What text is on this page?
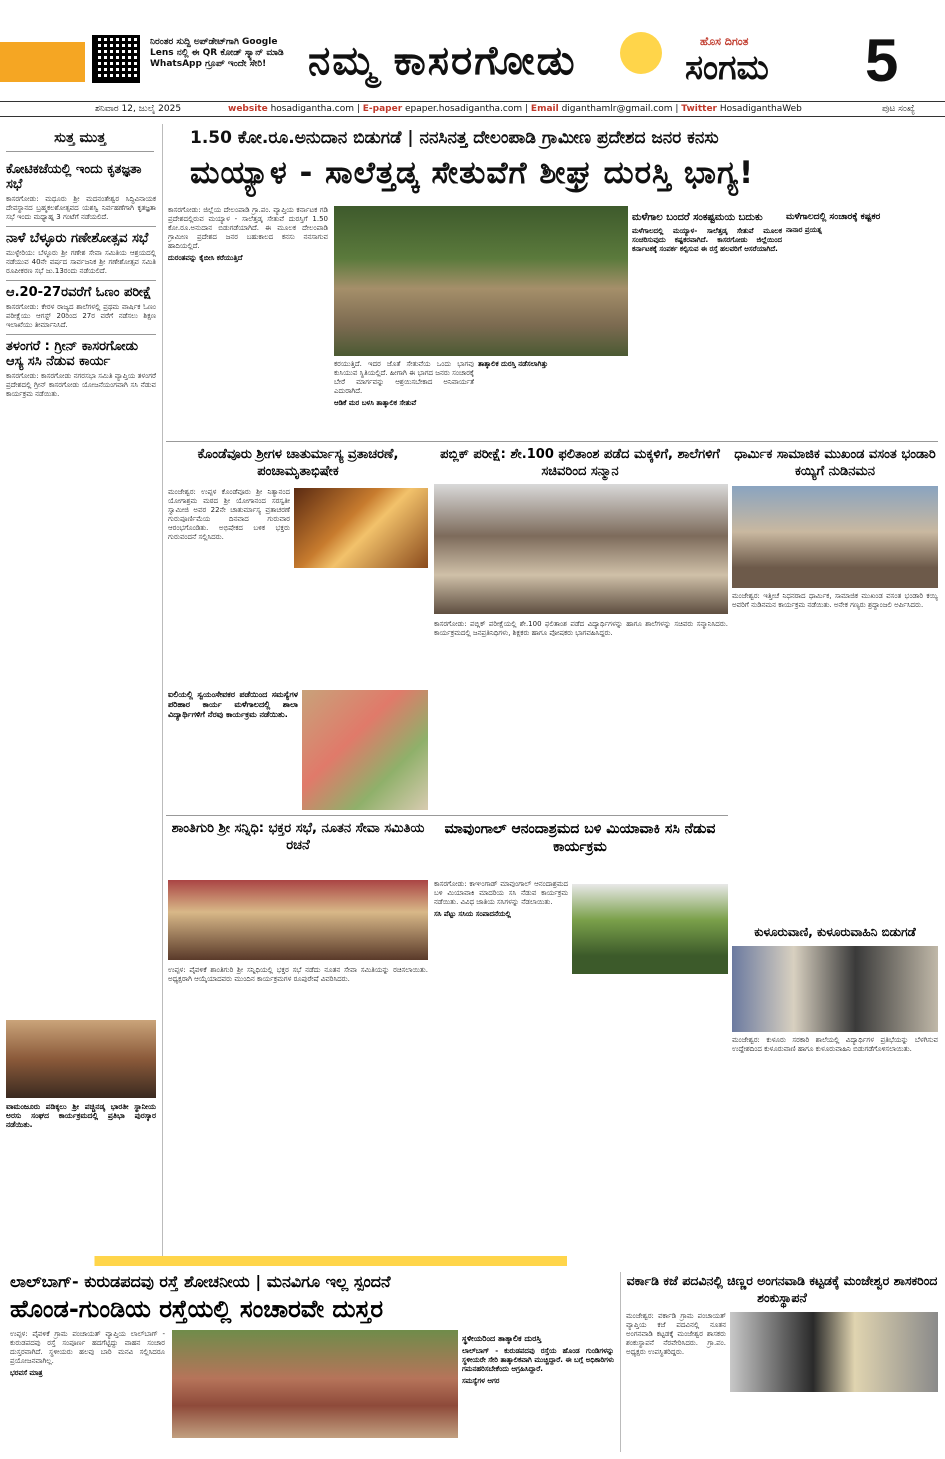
ನಿರಂತರ ಸುದ್ದಿ ಅಪ್‌ಡೇಟ್‌ಗಾಗಿ Google Lens ನಲ್ಲಿ ಈ QR ಕೋಡ್ ಸ್ಕ್ಯಾನ್ ಮಾಡಿ WhatsApp ಗ್ರೂಪ್ ಇಂದೇ ಸೇರಿ!	ನಮ್ಮ ಕಾಸರಗೋಡು	ಹೊಸ ದಿಗಂತ
ಸಂಗಮ 5
ಶನಿವಾರ 12, ಜುಲೈ 2025	website hosadigantha.com | E-paper epaper.hosadigantha.com | Email diganthamlr@gmail.com | Twitter HosadiganthaWeb	ಪುಟ ಸಂಖ್ಯೆ
ಸುತ್ತ ಮುತ್ತ
ಕೋಟಿಕಜೆಯಲ್ಲಿ ಇಂದು ಕೃತಜ್ಞತಾ ಸಭೆ

ಕಾಸರಗೋಡು: ಮಧೂರು ಶ್ರೀ ಮದನಂತೇಶ್ವರ ಸಿದ್ಧಿವಿನಾಯಕ ದೇವಸ್ಥಾನದ ಬ್ರಹ್ಮಕಲಶೋತ್ಸವದ ಯಶಸ್ವಿ ನಿರ್ವಹಣೆಗಾಗಿ ಕೃತಜ್ಞತಾ ಸಭೆ ಇಂದು ಮಧ್ಯಾಹ್ನ 3 ಗಂಟೆಗೆ ನಡೆಯಲಿದೆ.

ನಾಳೆ ಬೆಳ್ಳೂರು ಗಣೇಶೋತ್ಸವ ಸಭೆ

ಮುಳ್ಳೇರಿಯ: ಬೆಳ್ಳೂರು ಶ್ರೀ ಗಣೇಶ ಸೇವಾ ಸಮಿತಿಯ ಆಶ್ರಯದಲ್ಲಿ ನಡೆಯುವ 40ನೇ ವರ್ಷದ ಸಾರ್ವಜನಿಕ ಶ್ರೀ ಗಣೇಶೋತ್ಸವ ಸಮಿತಿ ರೂಪೀಕರಣ ಸಭೆ ಜು.13ರಂದು ನಡೆಯಲಿದೆ.

ಆ.20-27ರವರೆಗೆ ಓಣಂ ಪರೀಕ್ಷೆ

ಕಾಸರಗೋಡು: ಕೇರಳ ರಾಜ್ಯದ ಶಾಲೆಗಳಲ್ಲಿ ಪ್ರಥಮ ವಾರ್ಷಿಕ ಓಣಂ ಪರೀಕ್ಷೆಯು ಆಗಸ್ಟ್ 20ರಿಂದ 27ರ ವರೆಗೆ ನಡೆಸಲು ಶಿಕ್ಷಣ ಇಲಾಖೆಯು ತೀರ್ಮಾನಿಸಿದೆ.

ತಳಂಗರೆ : ಗ್ರೀನ್ ಕಾಸರಗೋಡು ಆಸ್ಯ ಸಸಿ ನೆಡುವ ಕಾರ್ಯ

ಕಾಸರಗೋಡು: ಕಾಸರಗೋಡು ನಗರಸಭಾ ಸಮಿತಿ ವ್ಯಾಪ್ತಿಯ ತಳಂಗರೆ ಪ್ರದೇಶದಲ್ಲಿ ಗ್ರೀನ್ ಕಾಸರಗೋಡು ಯೋಜನೆಯಂಗವಾಗಿ ಸಸಿ ನೆಡುವ ಕಾರ್ಯಕ್ರಮ ನಡೆಯಿತು.

ವಾಮಂಜೂರು ಪಡಿಕ್ಕಲು ಶ್ರೀ ಪಚ್ಚಿನಡ್ಕ ಭಾರತೀ ಸ್ಥಾನೀಯ ಅರಸು ಸಂಘದ ಕಾರ್ಯಕ್ರಮದಲ್ಲಿ ಪ್ರತಿಭಾ ಪುರಸ್ಕಾರ ನಡೆಯಿತು.
1.50 ಕೋ.ರೂ.ಅನುದಾನ ಬಿಡುಗಡೆ | ನನಸಿನತ್ತ ದೇಲಂಪಾಡಿ ಗ್ರಾಮೀಣ ಪ್ರದೇಶದ ಜನರ ಕನಸು
ಮಯ್ಯಾಳ - ಸಾಲೆತ್ತಡ್ಕ ಸೇತುವೆಗೆ ಶೀಘ್ರ ದುರಸ್ತಿ ಭಾಗ್ಯ!

ಕಾಸರಗೋಡು: ಜಿಲ್ಲೆಯ ದೇಲಂಪಾಡಿ ಗ್ರಾ.ಪಂ. ವ್ಯಾಪ್ತಿಯ ಕರ್ನಾಟಕ ಗಡಿ ಪ್ರದೇಶದಲ್ಲಿರುವ ಮಯ್ಯಾಳ - ಸಾಲೆತ್ತಡ್ಕ ಸೇತುವೆ ದುರಸ್ತಿಗೆ 1.50 ಕೋ.ರೂ.ಅನುದಾನ ಬಿಡುಗಡೆಯಾಗಿದೆ. ಈ ಮೂಲಕ ದೇಲಂಪಾಡಿ ಗ್ರಾಮೀಣ ಪ್ರದೇಶದ ಜನರ ಬಹುಕಾಲದ ಕನಸು ನನಸಾಗುವ ಹಾದಿಯಲ್ಲಿದೆ.

ದುರಂತವನ್ನು ಕೈಬೀಸಿ ಕರೆಯುತ್ತಿದೆ

ಕರಯುತ್ತಿದೆ. ಇದರ ಜೊತೆ ಸೇತುವೆಯ ಒಂದು ಭಾಗವು ಕುಸಿಯುವ ಸ್ಥಿತಿಯಲ್ಲಿದೆ. ಹೀಗಾಗಿ ಈ ಭಾಗದ ಜನರು ಸಂಚಾರಕ್ಕೆ ಬೇರೆ ಮಾರ್ಗವನ್ನು ಆಶ್ರಯಿಸಬೇಕಾದ ಅನಿವಾರ್ಯತೆ ಎದುರಾಗಿದೆ.

ಆಡಿಕೆ ಮರ ಬಳಸಿ ತಾತ್ಕಾಲಿಕ ಸೇತುವೆ

ತಾತ್ಕಾಲಿಕ ದುರಸ್ತಿ ನಡೆಸಲಾಗಿತ್ತು

ಮಳೆಗಾಲ ಬಂದರೆ ಸಂಕಷ್ಟಮಯ ಬದುಕು

ಮಳೆಗಾಲದಲ್ಲಿ ಮಯ್ಯಾಳ- ಸಾಲೆತ್ತಡ್ಕ ಸೇತುವೆ ಮೂಲಕ ಸಂಚರಿಸುವುದು ಕಷ್ಟಕರವಾಗಿದೆ. ಕಾಸರಗೋಡು ಜಿಲ್ಲೆಯಿಂದ ಕರ್ನಾಟಕಕ್ಕೆ ಸಂಪರ್ಕ ಕಲ್ಪಿಸುವ ಈ ರಸ್ತೆ ಹಲವರಿಗೆ ಆಸರೆಯಾಗಿದೆ.

ಮಳೆಗಾಲದಲ್ಲಿ ಸಂಚಾರಕ್ಕೆ ಕಷ್ಟಕರ

ನಾನಾರ ಪ್ರಯತ್ನ

ಕೊಂಡೆವೂರು ಶ್ರೀಗಳ ಚಾತುರ್ಮಾಸ್ಯ ವ್ರತಾಚರಣೆ, ಪಂಚಾಮೃತಾಭಿಷೇಕ
ಮಂಜೇಶ್ವರ: ಉಪ್ಪಳ ಕೊಂಡೆವೂರು ಶ್ರೀ ನಿತ್ಯಾನಂದ ಯೋಗಾಶ್ರಮ ಮಠದ ಶ್ರೀ ಯೋಗಾನಂದ ಸರಸ್ವತೀ ಸ್ವಾಮೀಜಿ ಅವರ 22ನೇ ಚಾತುರ್ಮಾಸ್ಯ ವ್ರತಾಚರಣೆ ಗುರುಪೂರ್ಣಿಮೆಯ ದಿನವಾದ ಗುರುವಾರ ಆರಂಭಗೊಂಡಿತು. ಅಭಿಷೇಕದ ಬಳಿಕ ಭಕ್ತರು ಗುರುವಂದನೆ ಸಲ್ಲಿಸಿದರು.
ಪಬ್ಲಿಕ್ ಪರೀಕ್ಷೆ: ಶೇ.100 ಫಲಿತಾಂಶ ಪಡೆದ ಮಕ್ಕಳಿಗೆ, ಶಾಲೆಗಳಿಗೆ ಸಚಿವರಿಂದ ಸನ್ಮಾನ
ಕಾಸರಗೋಡು: ಪಬ್ಲಿಕ್ ಪರೀಕ್ಷೆಯಲ್ಲಿ ಶೇ.100 ಫಲಿತಾಂಶ ಪಡೆದ ವಿದ್ಯಾರ್ಥಿಗಳನ್ನು ಹಾಗೂ ಶಾಲೆಗಳನ್ನು ಸಚಿವರು ಸನ್ಮಾನಿಸಿದರು. ಕಾರ್ಯಕ್ರಮದಲ್ಲಿ ಜನಪ್ರತಿನಿಧಿಗಳು, ಶಿಕ್ಷಕರು ಹಾಗೂ ಪೋಷಕರು ಭಾಗವಹಿಸಿದ್ದರು.
ಧಾರ್ಮಿಕ ಸಾಮಾಜಿಕ ಮುಖಂಡ ವಸಂತ ಭಂಡಾರಿ ಕಯ್ಯಿಗೆ ನುಡಿನಮನ
ಮಂಜೇಶ್ವರ: ಇತ್ತೀಚೆ ನಿಧನರಾದ ಧಾರ್ಮಿಕ, ಸಾಮಾಜಿಕ ಮುಖಂಡ ವಸಂತ ಭಂಡಾರಿ ಕಯ್ಯಿ ಅವರಿಗೆ ನುಡಿನಮನ ಕಾರ್ಯಕ್ರಮ ನಡೆಯಿತು. ಅನೇಕ ಗಣ್ಯರು ಶ್ರದ್ಧಾಂಜಲಿ ಅರ್ಪಿಸಿದರು.
ಐಲಿಯಲ್ಲಿ ಸ್ವಯಂಸೇವಕರ ಪಡೆಯಿಂದ ಸಮಸ್ಯೆಗಳ ಪರಿಹಾರ ಕಾರ್ಯ ಮಳೆಗಾಲದಲ್ಲಿ ಶಾಲಾ ವಿದ್ಯಾರ್ಥಿಗಳಿಗೆ ನೆರವು ಕಾರ್ಯಕ್ರಮ ನಡೆಯಿತು.
ಶಾಂತಿಗುರಿ ಶ್ರೀ ಸನ್ನಿಧಿ: ಭಕ್ತರ ಸಭೆ, ನೂತನ ಸೇವಾ ಸಮಿತಿಯ ರಚನೆ
ಉಪ್ಪಳ: ಪೈವಳಿಕೆ ಶಾಂತಿಗುರಿ ಶ್ರೀ ಸನ್ನಿಧಿಯಲ್ಲಿ ಭಕ್ತರ ಸಭೆ ನಡೆದು ನೂತನ ಸೇವಾ ಸಮಿತಿಯನ್ನು ರಚಿಸಲಾಯಿತು. ಅಧ್ಯಕ್ಷರಾಗಿ ಆಯ್ಕೆಯಾದವರು ಮುಂದಿನ ಕಾರ್ಯಕ್ರಮಗಳ ರೂಪುರೇಷೆ ವಿವರಿಸಿದರು.
ಮಾವುಂಗಾಲ್ ಆನಂದಾಶ್ರಮದ ಬಳಿ ಮಿಯಾವಾಕಿ ಸಸಿ ನೆಡುವ ಕಾರ್ಯಕ್ರಮ

ಕಾಸರಗೋಡು: ಕಾಞಂಗಾಡ್ ಮಾವುಂಗಾಲ್ ಆನಂದಾಶ್ರಮದ ಬಳಿ ಮಿಯಾವಾಕಿ ಮಾದರಿಯ ಸಸಿ ನೆಡುವ ಕಾರ್ಯಕ್ರಮ ನಡೆಯಿತು. ವಿವಿಧ ಜಾತಿಯ ಸಸಿಗಳನ್ನು ನೆಡಲಾಯಿತು.

ಸಸಿ ಪೆಟ್ಟು ಸಸಿಯ ಸಂಪಾದನೆಯಲ್ಲಿ

ಕುಳೂರುವಾಣಿ, ಕುಳೂರುವಾಹಿನಿ ಬಿಡುಗಡೆ
ಮಂಜೇಶ್ವರ: ಕುಳೂರು ಸರಕಾರಿ ಶಾಲೆಯಲ್ಲಿ ವಿದ್ಯಾರ್ಥಿಗಳ ಪ್ರತಿಭೆಯನ್ನು ಬೆಳಗಿಸುವ ಉದ್ದೇಶದಿಂದ ಕುಳೂರುವಾಣಿ ಹಾಗೂ ಕುಳೂರುವಾಹಿನಿ ಬಿಡುಗಡೆಗೊಳಿಸಲಾಯಿತು.
ಲಾಲ್‌ಬಾಗ್- ಕುರುಡಪದವು ರಸ್ತೆ ಶೋಚನೀಯ | ಮನವಿಗೂ ಇಲ್ಲ ಸ್ಪಂದನೆ
ಹೊಂಡ-ಗುಂಡಿಯ ರಸ್ತೆಯಲ್ಲಿ ಸಂಚಾರವೇ ದುಸ್ತರ

ಉಪ್ಪಳ: ಪೈವಳಿಕೆ ಗ್ರಾಮ ಪಂಚಾಯತ್ ವ್ಯಾಪ್ತಿಯ ಲಾಲ್‌ಬಾಗ್ - ಕುರುಡಪದವು ರಸ್ತೆ ಸಂಪೂರ್ಣ ಹದಗೆಟ್ಟಿದ್ದು ವಾಹನ ಸಂಚಾರ ದುಸ್ತರವಾಗಿದೆ. ಸ್ಥಳೀಯರು ಹಲವು ಬಾರಿ ಮನವಿ ಸಲ್ಲಿಸಿದರೂ ಪ್ರಯೋಜನವಾಗಿಲ್ಲ.

ಭರವಸೆ ಮಾತ್ರ

ಸ್ಥಳೀಯರಿಂದ ತಾತ್ಕಾಲಿಕ ದುರಸ್ತಿ

ಲಾಲ್‌ಬಾಗ್ - ಕುರುಡಪದವು ರಸ್ತೆಯ ಹೊಂಡ ಗುಂಡಿಗಳನ್ನು ಸ್ಥಳೀಯರೇ ಸೇರಿ ತಾತ್ಕಾಲಿಕವಾಗಿ ಮುಚ್ಚಿದ್ದಾರೆ. ಈ ಬಗ್ಗೆ ಅಧಿಕಾರಿಗಳು ಗಮನಹರಿಸಬೇಕೆಂದು ಆಗ್ರಹಿಸಿದ್ದಾರೆ.

ಸಮಸ್ಯೆಗಳ ಆಗರ

ವರ್ಕಾಡಿ ಕಜೆ ಪದವಿನಲ್ಲಿ ಚಿಣ್ಣರ ಅಂಗನವಾಡಿ ಕಟ್ಟಡಕ್ಕೆ ಮಂಜೇಶ್ವರ ಶಾಸಕರಿಂದ ಶಂಕುಸ್ಥಾಪನೆ
ಮಂಜೇಶ್ವರ: ವರ್ಕಾಡಿ ಗ್ರಾಮ ಪಂಚಾಯತ್ ವ್ಯಾಪ್ತಿಯ ಕಜೆ ಪದವಿನಲ್ಲಿ ನೂತನ ಅಂಗನವಾಡಿ ಕಟ್ಟಡಕ್ಕೆ ಮಂಜೇಶ್ವರ ಶಾಸಕರು ಶಂಕುಸ್ಥಾಪನೆ ನೆರವೇರಿಸಿದರು. ಗ್ರಾ.ಪಂ. ಅಧ್ಯಕ್ಷರು ಉಪಸ್ಥಿತರಿದ್ದರು.
